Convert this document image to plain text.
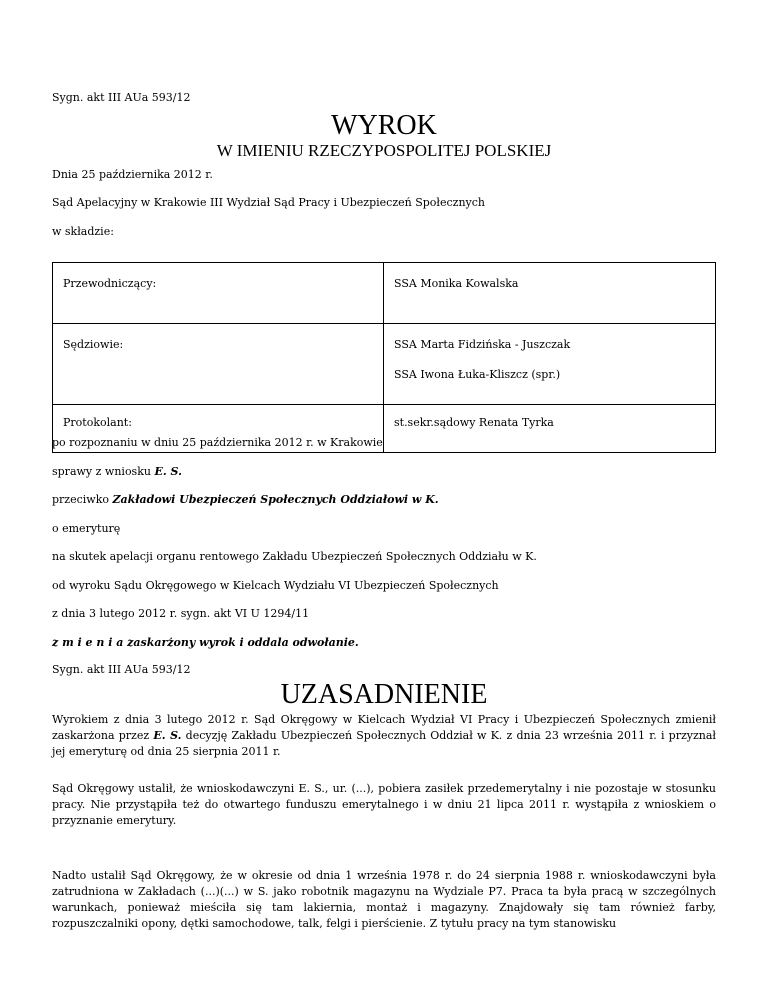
Sygn. akt III AUa 593/12
WYROK
W IMIENIU RZECZYPOSPOLITEJ POLSKIEJ
Dnia 25 października 2012 r.
Sąd Apelacyjny w Krakowie III Wydział Sąd Pracy i Ubezpieczeń Społecznych
w składzie:
Przewodniczący:	SSA Monika Kowalska
Sędziowie:	SSA Marta Fidzińska - Juszczak
SSA Iwona Łuka-Kliszcz (spr.)

Protokolant:	st.sekr.sądowy Renata Tyrka
po rozpoznaniu w dniu 25 października 2012 r. w Krakowie
sprawy z wniosku E. S.
przeciwko Zakładowi Ubezpieczeń Społecznych Oddziałowi w K.
o emeryturę
na skutek apelacji organu rentowego Zakładu Ubezpieczeń Społecznych Oddziału w K.
od wyroku Sądu Okręgowego w Kielcach Wydziału VI Ubezpieczeń Społecznych
z dnia 3 lutego 2012 r. sygn. akt VI U 1294/11
z m i e n i a zaskarżony wyrok i oddala odwołanie.
Sygn. akt III AUa 593/12
UZASADNIENIE
Wyrokiem z dnia 3 lutego 2012 r. Sąd Okręgowy w Kielcach Wydział VI Pracy i Ubezpieczeń Społecznych zmienił zaskarżona przez E. S. decyzję Zakładu Ubezpieczeń Społecznych Oddział w K. z dnia 23 września 2011 r. i przyznał jej emeryturę od dnia 25 sierpnia 2011 r.
Sąd Okręgowy ustalił, że wnioskodawczyni E. S., ur. (...), pobiera zasiłek przedemerytalny i nie pozostaje w stosunku pracy. Nie przystąpiła też do otwartego funduszu emerytalnego i w dniu 21 lipca 2011 r. wystąpiła z wnioskiem o przyznanie emerytury.
Nadto ustalił Sąd Okręgowy, że w okresie od dnia 1 września 1978 r. do 24 sierpnia 1988 r. wnioskodawczyni była zatrudniona w Zakładach (...)(...) w S. jako robotnik magazynu na Wydziale P7. Praca ta była pracą w szczególnych warunkach, ponieważ mieściła się tam lakiernia, montaż i magazyny. Znajdowały się tam również farby, rozpuszczalniki opony, dętki samochodowe, talk, felgi i pierścienie. Z tytułu pracy na tym stanowisku
